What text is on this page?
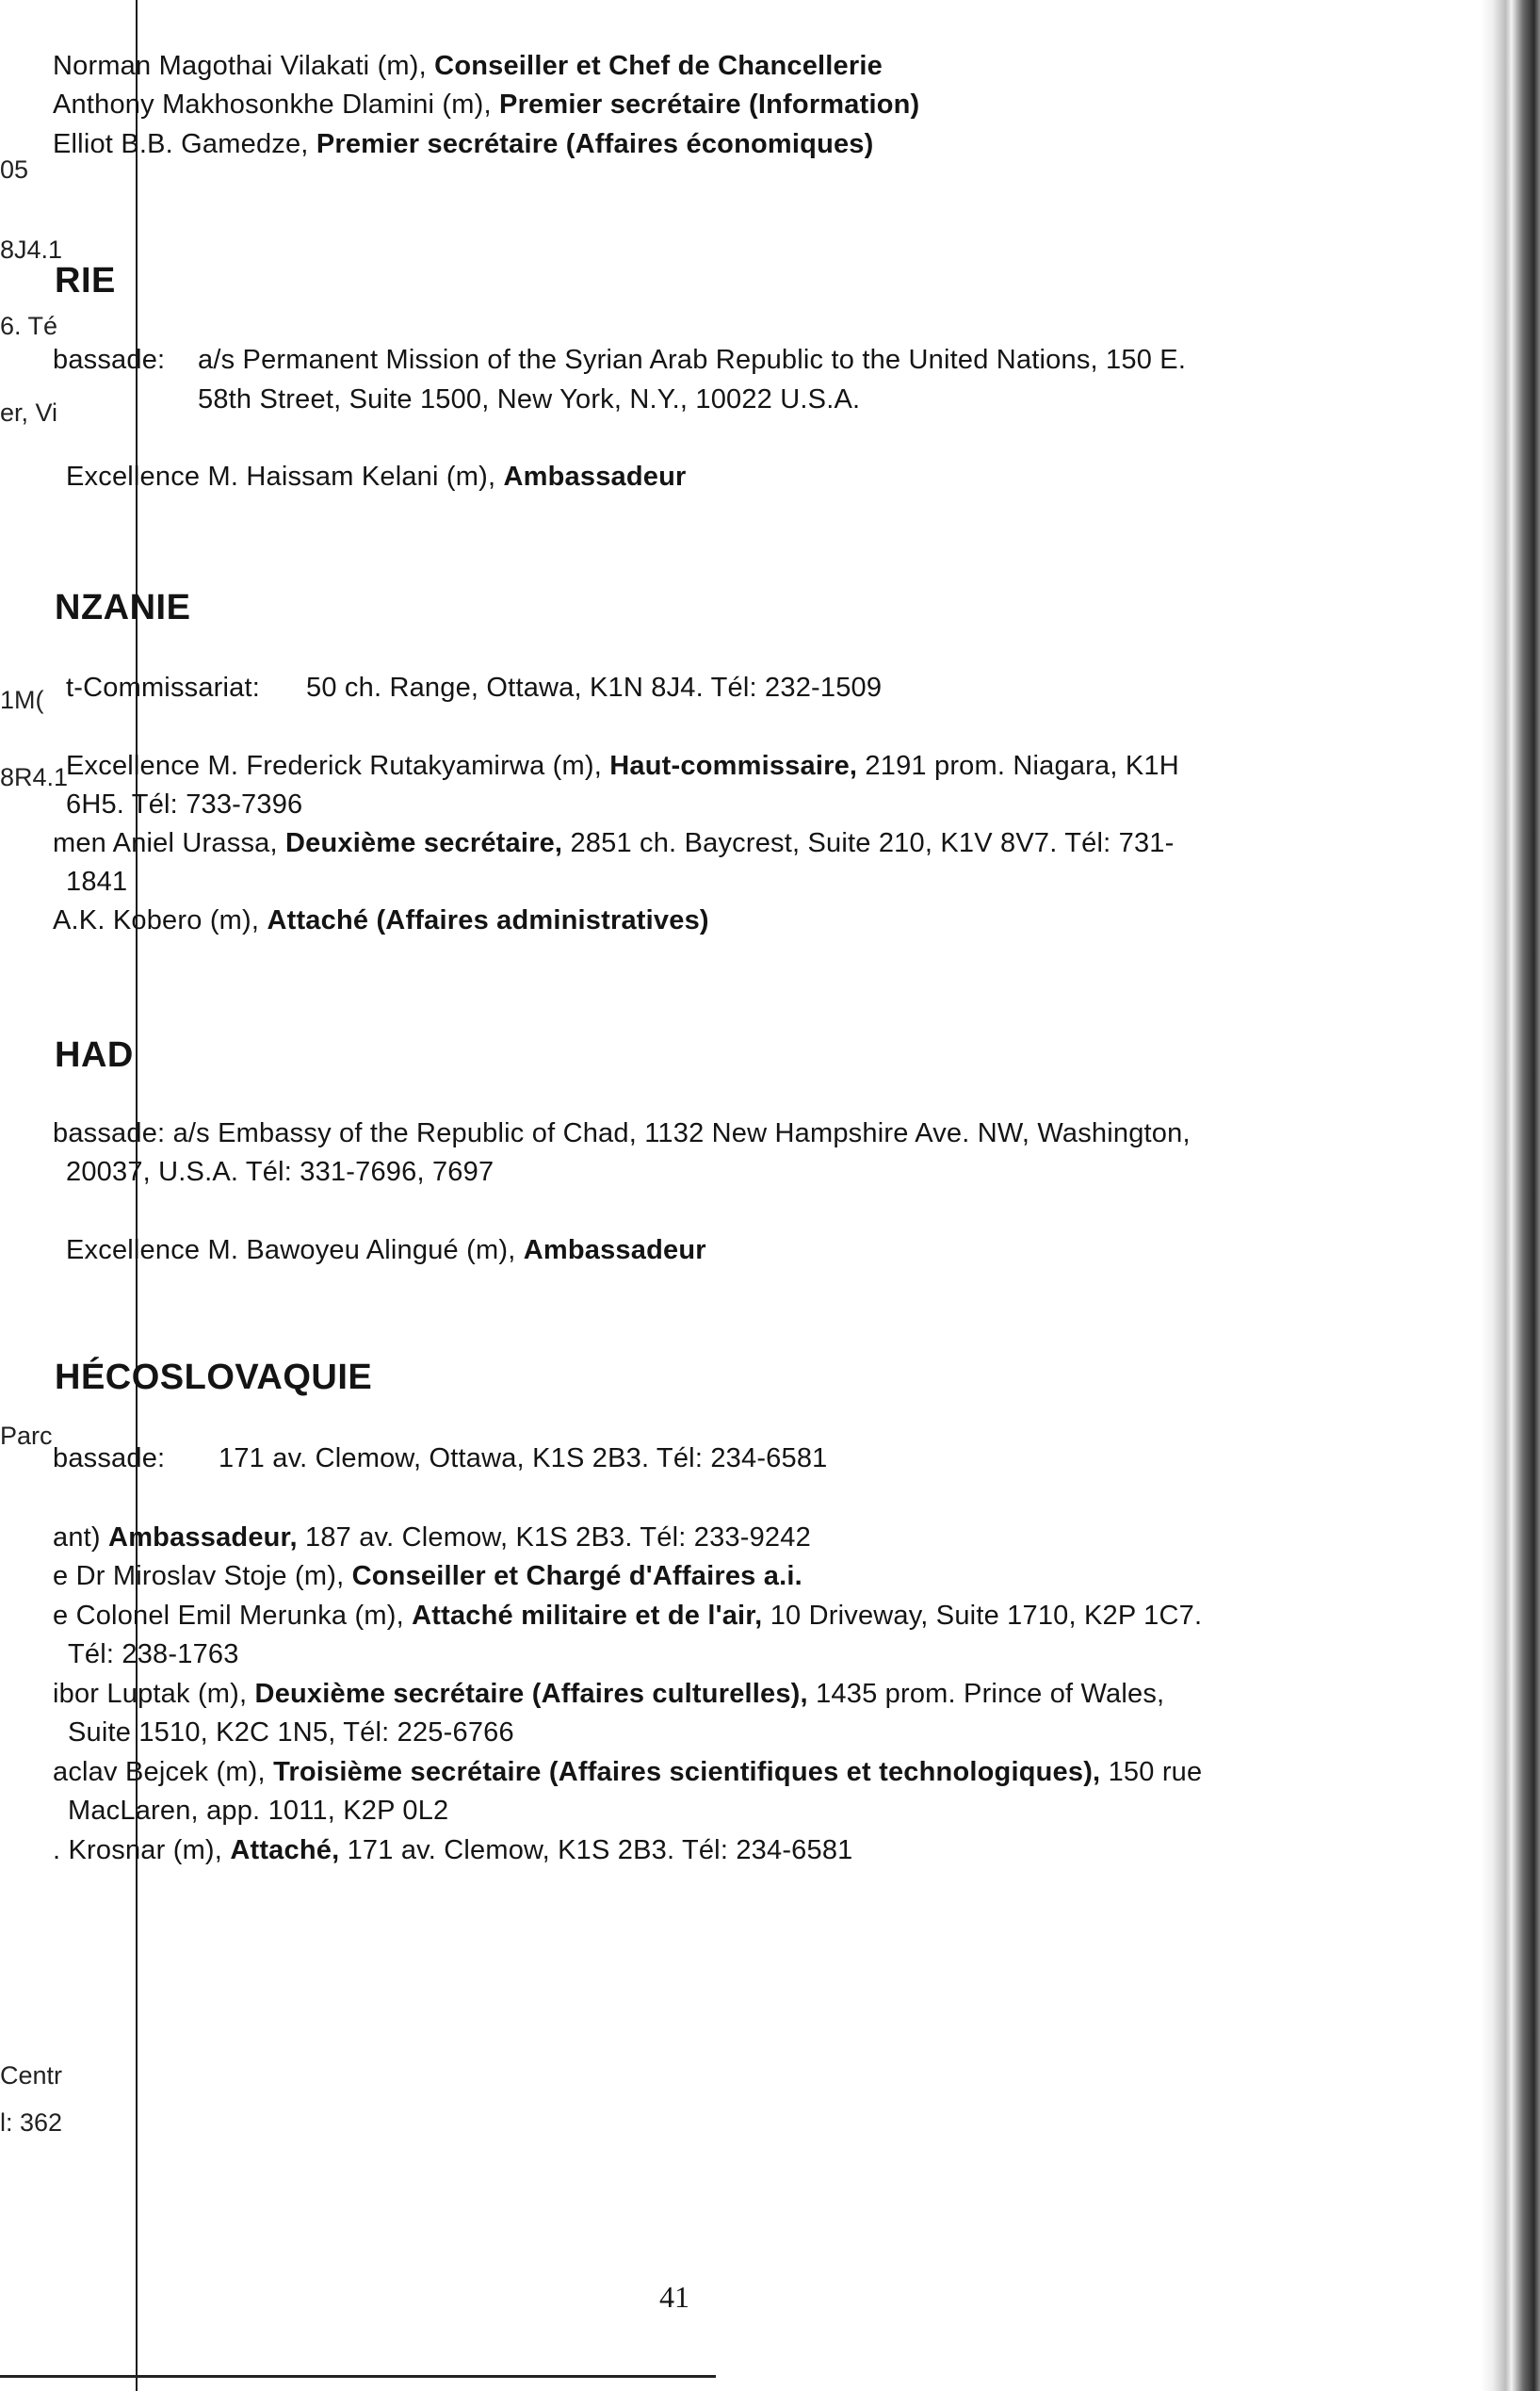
05

8J4.1

6. Té

er, Vi

1M(

8R4.1

Parc

Centr

l: 362

Norman Magothai Vilakati (m), Conseiller et Chef de Chancellerie

Anthony Makhosonkhe Dlamini (m), Premier secrétaire (Information)

Elliot B.B. Gamedze, Premier secrétaire (Affaires économiques)

RIE

bassade: a/s Permanent Mission of the Syrian Arab Republic to the United Nations, 150 E.

58th Street, Suite 1500, New York, N.Y., 10022 U.S.A.

Excellence M. Haissam Kelani (m), Ambassadeur

NZANIE

t-Commissariat: 50 ch. Range, Ottawa, K1N 8J4. Tél: 232-1509

Excellence M. Frederick Rutakyamirwa (m), Haut-commissaire, 2191 prom. Niagara, K1H

6H5. Tél: 733-7396

men Aniel Urassa, Deuxième secrétaire, 2851 ch. Baycrest, Suite 210, K1V 8V7. Tél: 731-

1841

A.K. Kobero (m), Attaché (Affaires administratives)

HAD

bassade: a/s Embassy of the Republic of Chad, 1132 New Hampshire Ave. NW, Washington,

20037, U.S.A. Tél: 331-7696, 7697

Excellence M. Bawoyeu Alingué (m), Ambassadeur

HÉCOSLOVAQUIE

bassade: 171 av. Clemow, Ottawa, K1S 2B3. Tél: 234-6581

ant) Ambassadeur, 187 av. Clemow, K1S 2B3. Tél: 233-9242

e Dr Miroslav Stoje (m), Conseiller et Chargé d'Affaires a.i.

e Colonel Emil Merunka (m), Attaché militaire et de l'air, 10 Driveway, Suite 1710, K2P 1C7.

Tél: 238-1763

ibor Luptak (m), Deuxième secrétaire (Affaires culturelles), 1435 prom. Prince of Wales,

Suite 1510, K2C 1N5, Tél: 225-6766

aclav Bejcek (m), Troisième secrétaire (Affaires scientifiques et technologiques), 150 rue

MacLaren, app. 1011, K2P 0L2

. Krosnar (m), Attaché, 171 av. Clemow, K1S 2B3. Tél: 234-6581

41
